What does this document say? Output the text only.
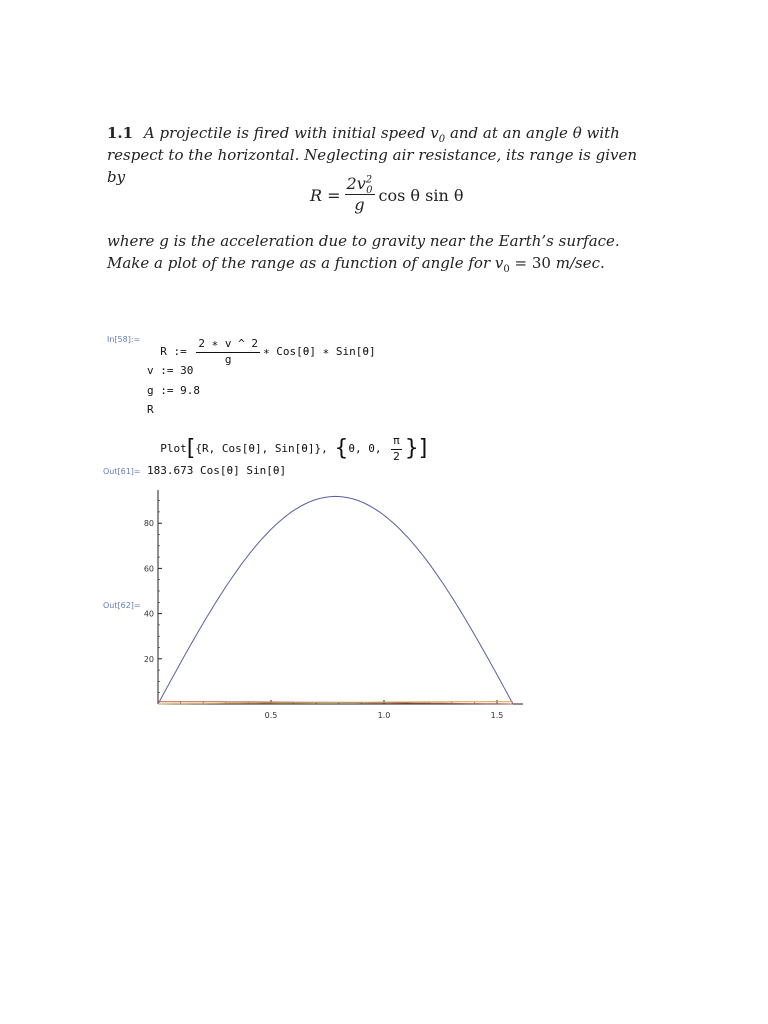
1.1 A projectile is fired with initial speed $v_0$ and at an angle θ with respect to the horizontal. Neglecting air resistance, its range is given by
$R = \frac{2v^2_0}{g}$ cos θ sin θ
where g is the acceleration due to gravity near the Earth’s surface. Make a plot of the range as a function of angle for $v_0 = 30$ m/sec.
In[58]:=

R := $\frac{2 ∗ v \^{} 2}{g}$ ∗ Cos[θ] ∗ Sin[θ]

v := 30
g := 9.8
R

Plot[{R, Cos[θ], Sin[θ]}, {θ, 0, $\frac{\pi}{2}$ }]

Out[61]= 183.673 Cos[θ] Sin[θ]
Out[62]=
0.5	1.0	1.5
20
40
60
80
